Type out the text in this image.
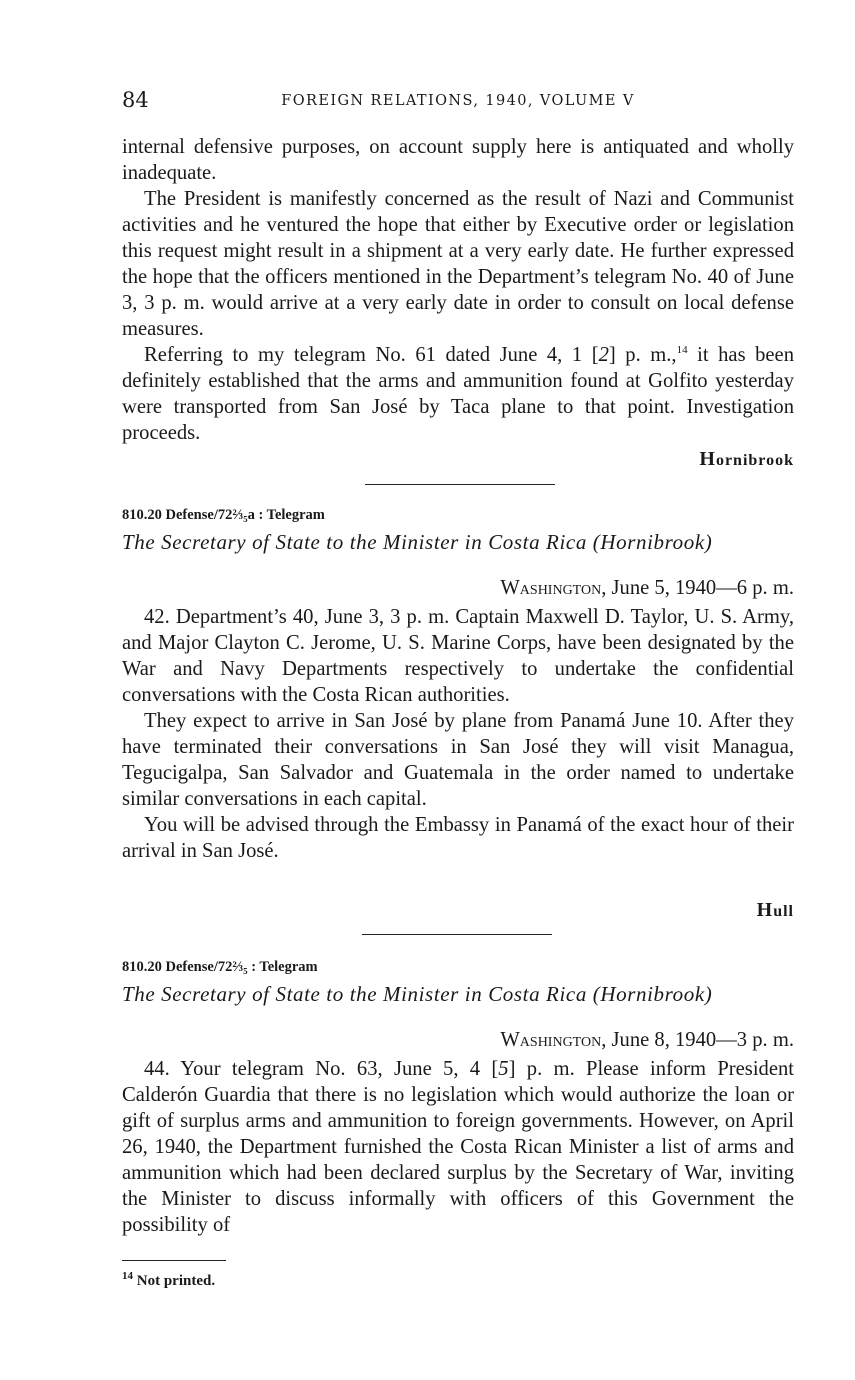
84	FOREIGN RELATIONS, 1940, VOLUME V

internal defensive purposes, on account supply here is antiquated and wholly inadequate.

The President is manifestly concerned as the result of Nazi and Communist activities and he ventured the hope that either by Executive order or legislation this request might result in a shipment at a very early date. He further expressed the hope that the officers mentioned in the Department’s telegram No. 40 of June 3, 3 p. m. would arrive at a very early date in order to consult on local defense measures.

Referring to my telegram No. 61 dated June 4, 1 [2] p. m.,$^{14}$ it has been definitely established that the arms and ammunition found at Golfito yesterday were transported from San José by Taca plane to that point. Investigation proceeds.

Hornibrook

810.20 Defense/72⅔₅a : Telegram

The Secretary of State to the Minister in Costa Rica (Hornibrook)

Washington, June 5, 1940—6 p. m.

42. Department’s 40, June 3, 3 p. m. Captain Maxwell D. Taylor, U. S. Army, and Major Clayton C. Jerome, U. S. Marine Corps, have been designated by the War and Navy Departments respectively to undertake the confidential conversations with the Costa Rican authorities.

They expect to arrive in San José by plane from Panamá June 10. After they have terminated their conversations in San José they will visit Managua, Tegucigalpa, San Salvador and Guatemala in the order named to undertake similar conversations in each capital.

You will be advised through the Embassy in Panamá of the exact hour of their arrival in San José.

Hull

810.20 Defense/72⅔₅ : Telegram

The Secretary of State to the Minister in Costa Rica (Hornibrook)

Washington, June 8, 1940—3 p. m.

44. Your telegram No. 63, June 5, 4 [5] p. m. Please inform President Calderón Guardia that there is no legislation which would authorize the loan or gift of surplus arms and ammunition to foreign governments. However, on April 26, 1940, the Department furnished the Costa Rican Minister a list of arms and ammunition which had been declared surplus by the Secretary of War, inviting the Minister to discuss informally with officers of this Government the possibility of

$^{14}$ Not printed.
